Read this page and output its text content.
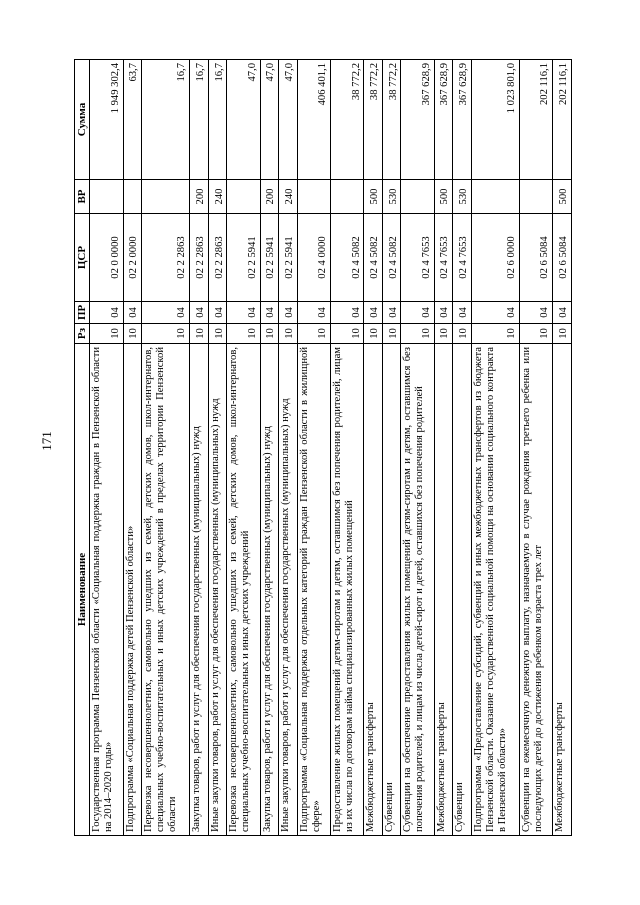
171
Наименование	Рз	ПР	ЦСР	ВР	Сумма
Государственная программа Пензенской области «Социальная поддержка граждан в Пензенской области на 2014–2020 годы»	10	04	02 0 0000		1 949 302,4
Подпрограмма «Социальная поддержка детей Пензенской области»	10	04	02 2 0000		63,7
Перевозка несовершеннолетних, самовольно ушедших из семей, детских домов, школ-интернатов, специальных учебно-воспитательных и иных детских учреждений в пределах территории Пензенской области	10	04	02 2 2863		16,7
Закупка товаров, работ и услуг для обеспечения государственных (муниципальных) нужд	10	04	02 2 2863	200	16,7
Иные закупки товаров, работ и услуг для обеспечения государственных (муниципальных) нужд	10	04	02 2 2863	240	16,7
Перевозка несовершеннолетних, самовольно ушедших из семей, детских домов, школ-интернатов, специальных учебно-воспитательных и иных детских учреждений	10	04	02 2 5941		47,0
Закупка товаров, работ и услуг для обеспечения государственных (муниципальных) нужд	10	04	02 2 5941	200	47,0
Иные закупки товаров, работ и услуг для обеспечения государственных (муниципальных) нужд	10	04	02 2 5941	240	47,0
Подпрограмма «Социальная поддержка отдельных категорий граждан Пензенской области в жилищной сфере»	10	04	02 4 0000		406 401,1
Предоставление жилых помещений детям-сиротам и детям, оставшимся без попечения родителей, лицам из их числа по договорам найма специализированных жилых помещений	10	04	02 4 5082		38 772,2
Межбюджетные трансферты	10	04	02 4 5082	500	38 772,2
Субвенции	10	04	02 4 5082	530	38 772,2
Субвенции на обеспечение предоставления жилых помещений детям-сиротам и детям, оставшимся без попечения родителей, и лицам из числа детей-сирот и детей, оставшихся без попечения родителей	10	04	02 4 7653		367 628,9
Межбюджетные трансферты	10	04	02 4 7653	500	367 628,9
Субвенции	10	04	02 4 7653	530	367 628,9
Подпрограмма «Предоставление субсидий, субвенций и иных межбюджетных трансфертов из бюджета Пензенской области. Оказание государственной социальной помощи на основании социального контракта в Пензенской области»	10	04	02 6 0000		1 023 801,0
Субвенции на ежемесячную денежную выплату, назначаемую в случае рождения третьего ребенка или последующих детей до достижения ребенком возраста трех лет	10	04	02 6 5084		202 116,1
Межбюджетные трансферты	10	04	02 6 5084	500	202 116,1
